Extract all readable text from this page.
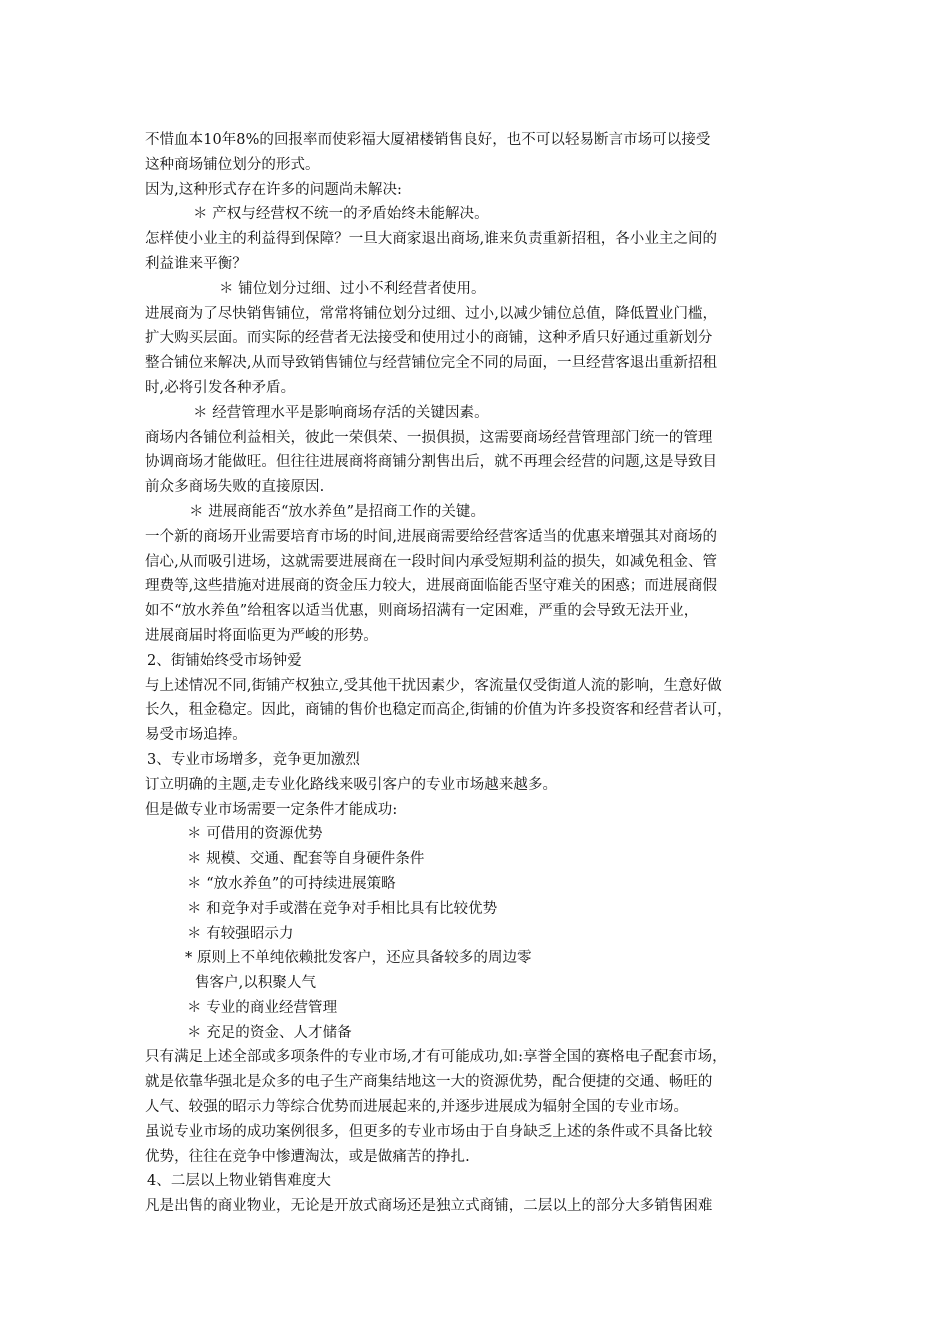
不惜血本10年8%的回报率而使彩福大厦裙楼销售良好，也不可以轻易断言市场可以接受

这种商场铺位划分的形式。

因为,这种形式存在许多的问题尚未解决:

＊ 产权与经营权不统一的矛盾始终未能解决。

怎样使小业主的利益得到保障？一旦大商家退出商场,谁来负责重新招租，各小业主之间的

利益谁来平衡？

＊ 铺位划分过细、过小不利经营者使用。

进展商为了尽快销售铺位，常常将铺位划分过细、过小,以减少铺位总值，降低置业门槛，

扩大购买层面。而实际的经营者无法接受和使用过小的商铺，这种矛盾只好通过重新划分

整合铺位来解决,从而导致销售铺位与经营铺位完全不同的局面，一旦经营客退出重新招租

时,必将引发各种矛盾。

＊ 经营管理水平是影响商场存活的关键因素。

商场内各铺位利益相关，彼此一荣俱荣、一损俱损，这需要商场经营管理部门统一的管理

协调商场才能做旺。但往往进展商将商铺分割售出后，就不再理会经营的问题,这是导致目

前众多商场失败的直接原因.

＊ 进展商能否“放水养鱼”是招商工作的关键。

一个新的商场开业需要培育市场的时间,进展商需要给经营客适当的优惠来增强其对商场的

信心,从而吸引进场，这就需要进展商在一段时间内承受短期利益的损失，如减免租金、管

理费等,这些措施对进展商的资金压力较大，进展商面临能否坚守难关的困惑；而进展商假

如不“放水养鱼”给租客以适当优惠，则商场招满有一定困难，严重的会导致无法开业，

进展商届时将面临更为严峻的形势。

2、街铺始终受市场钟爱

与上述情况不同,街铺产权独立,受其他干扰因素少，客流量仅受街道人流的影响，生意好做

长久，租金稳定。因此，商铺的售价也稳定而高企,街铺的价值为许多投资客和经营者认可，

易受市场追捧。

3、专业市场增多，竞争更加激烈

订立明确的主题,走专业化路线来吸引客户的专业市场越来越多。

但是做专业市场需要一定条件才能成功:

＊ 可借用的资源优势

＊ 规模、交通、配套等自身硬件条件

＊ “放水养鱼”的可持续进展策略

＊ 和竞争对手或潜在竞争对手相比具有比较优势

＊ 有较强昭示力

* 原则上不单纯依赖批发客户，还应具备较多的周边零

售客户,以积聚人气

＊ 专业的商业经营管理

＊ 充足的资金、人才储备

只有满足上述全部或多项条件的专业市场,才有可能成功,如:享誉全国的赛格电子配套市场，

就是依靠华强北是众多的电子生产商集结地这一大的资源优势，配合便捷的交通、畅旺的

人气、较强的昭示力等综合优势而进展起来的,并逐步进展成为辐射全国的专业市场。

虽说专业市场的成功案例很多，但更多的专业市场由于自身缺乏上述的条件或不具备比较

优势，往往在竞争中惨遭淘汰，或是做痛苦的挣扎.

4、二层以上物业销售难度大

凡是出售的商业物业，无论是开放式商场还是独立式商铺，二层以上的部分大多销售困难
